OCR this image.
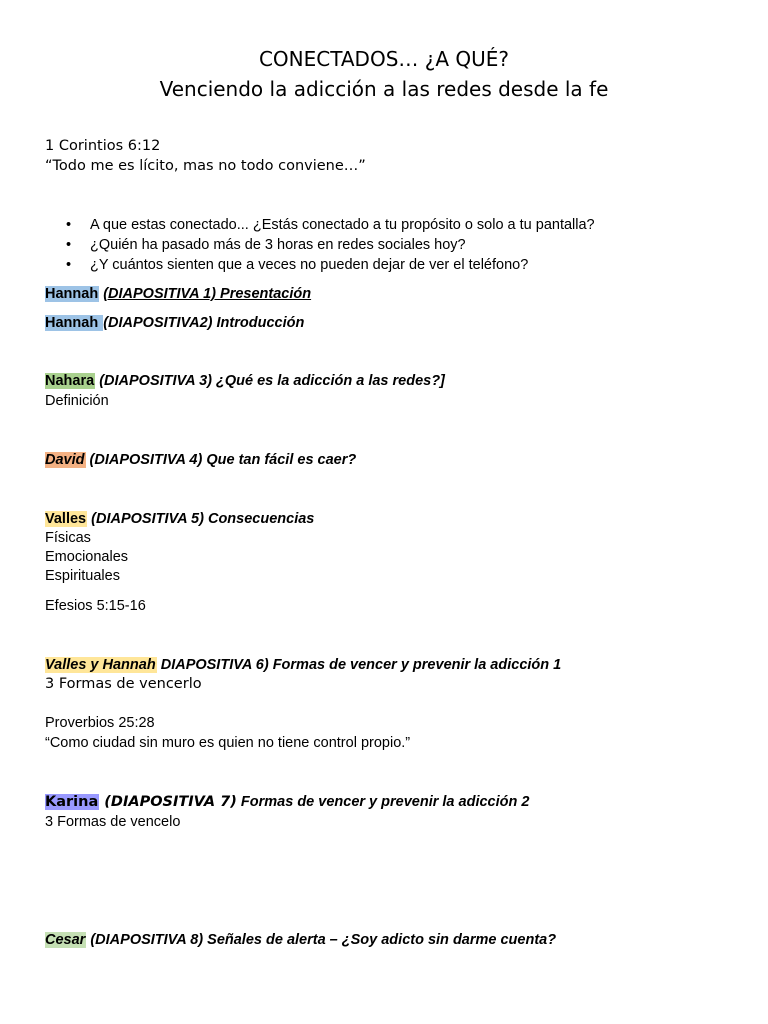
CONECTADOS… ¿A QUÉ?
Venciendo la adicción a las redes desde la fe
1 Corintios 6:12
“Todo me es lícito, mas no todo conviene…”
• A que estas conectado... ¿Estás conectado a tu propósito o solo a tu pantalla?
• ¿Quién ha pasado más de 3 horas en redes sociales hoy?
• ¿Y cuántos sienten que a veces no pueden dejar de ver el teléfono?
Hannah (DIAPOSITIVA 1) Presentación
Hannah (DIAPOSITIVA2) Introducción
Nahara (DIAPOSITIVA 3) ¿Qué es la adicción a las redes?]
Definición
David (DIAPOSITIVA 4) Que tan fácil es caer?
Valles (DIAPOSITIVA 5) Consecuencias
Físicas
Emocionales
Espirituales
Efesios 5:15-16
Valles y Hannah DIAPOSITIVA 6) Formas de vencer y prevenir la adicción 1
3 Formas de vencerlo
Proverbios 25:28
“Como ciudad sin muro es quien no tiene control propio.”
Karina (DIAPOSITIVA 7) Formas de vencer y prevenir la adicción 2
3 Formas de vencelo
Cesar (DIAPOSITIVA 8) Señales de alerta – ¿Soy adicto sin darme cuenta?
